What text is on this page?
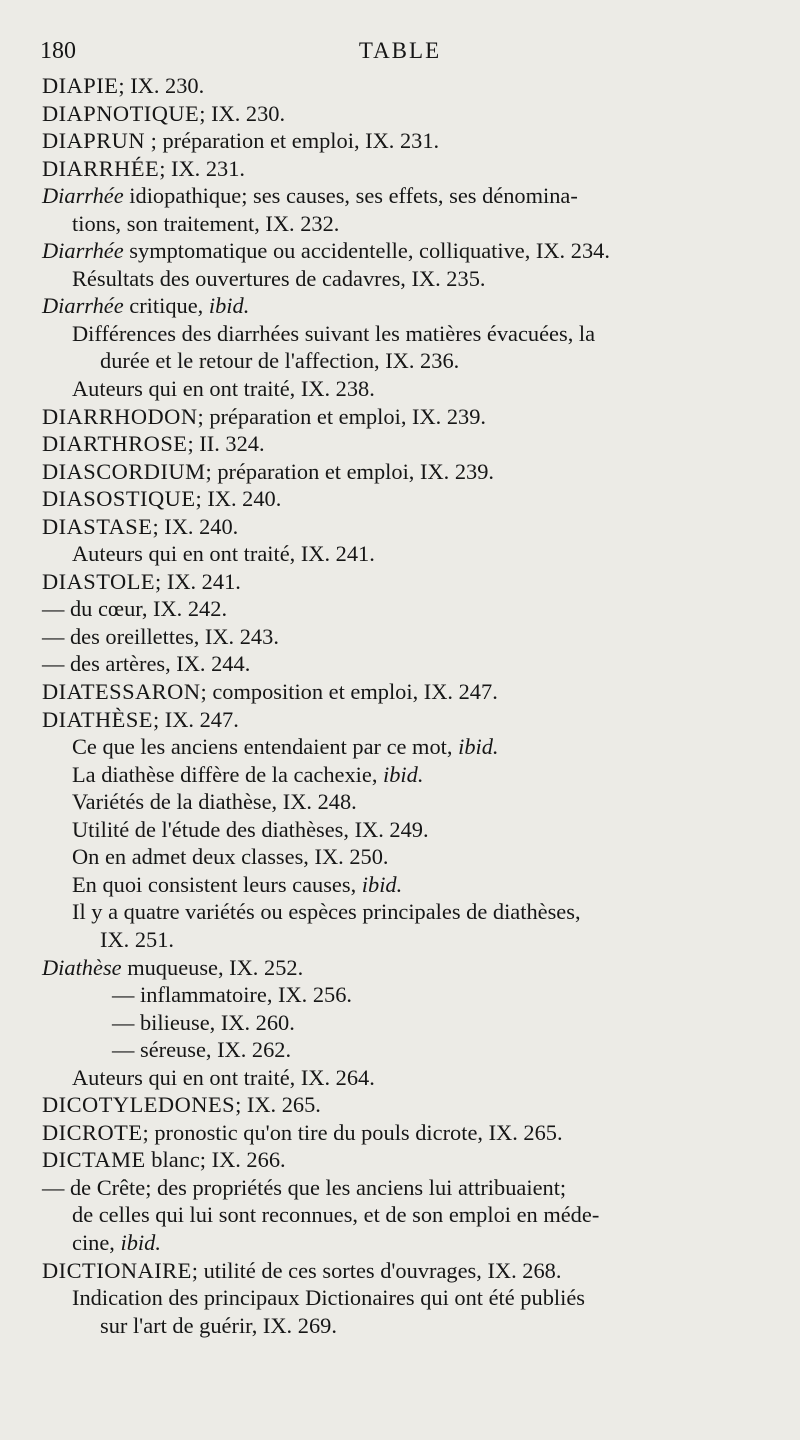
180	TABLE
DIAPIE; IX. 230.
DIAPNOTIQUE; IX. 230.
DIAPRUN ; préparation et emploi, IX. 231.
DIARRHÉE; IX. 231.
Diarrhée idiopathique; ses causes, ses effets, ses dénomina-
tions, son traitement, IX. 232.
Diarrhée symptomatique ou accidentelle, colliquative, IX. 234.
Résultats des ouvertures de cadavres, IX. 235.
Diarrhée critique, ibid.
Différences des diarrhées suivant les matières évacuées, la
durée et le retour de l'affection, IX. 236.
Auteurs qui en ont traité, IX. 238.
DIARRHODON; préparation et emploi, IX. 239.
DIARTHROSE; II. 324.
DIASCORDIUM; préparation et emploi, IX. 239.
DIASOSTIQUE; IX. 240.
DIASTASE; IX. 240.
Auteurs qui en ont traité, IX. 241.
DIASTOLE; IX. 241.
— du cœur, IX. 242.
— des oreillettes, IX. 243.
— des artères, IX. 244.
DIATESSARON; composition et emploi, IX. 247.
DIATHÈSE; IX. 247.
Ce que les anciens entendaient par ce mot, ibid.
La diathèse diffère de la cachexie, ibid.
Variétés de la diathèse, IX. 248.
Utilité de l'étude des diathèses, IX. 249.
On en admet deux classes, IX. 250.
En quoi consistent leurs causes, ibid.
Il y a quatre variétés ou espèces principales de diathèses,
IX. 251.
Diathèse muqueuse, IX. 252.
— inflammatoire, IX. 256.
— bilieuse, IX. 260.
— séreuse, IX. 262.
Auteurs qui en ont traité, IX. 264.
DICOTYLEDONES; IX. 265.
DICROTE; pronostic qu'on tire du pouls dicrote, IX. 265.
DICTAME blanc; IX. 266.
— de Crête; des propriétés que les anciens lui attribuaient;
de celles qui lui sont reconnues, et de son emploi en méde-
cine, ibid.
DICTIONAIRE; utilité de ces sortes d'ouvrages, IX. 268.
Indication des principaux Dictionaires qui ont été publiés
sur l'art de guérir, IX. 269.
